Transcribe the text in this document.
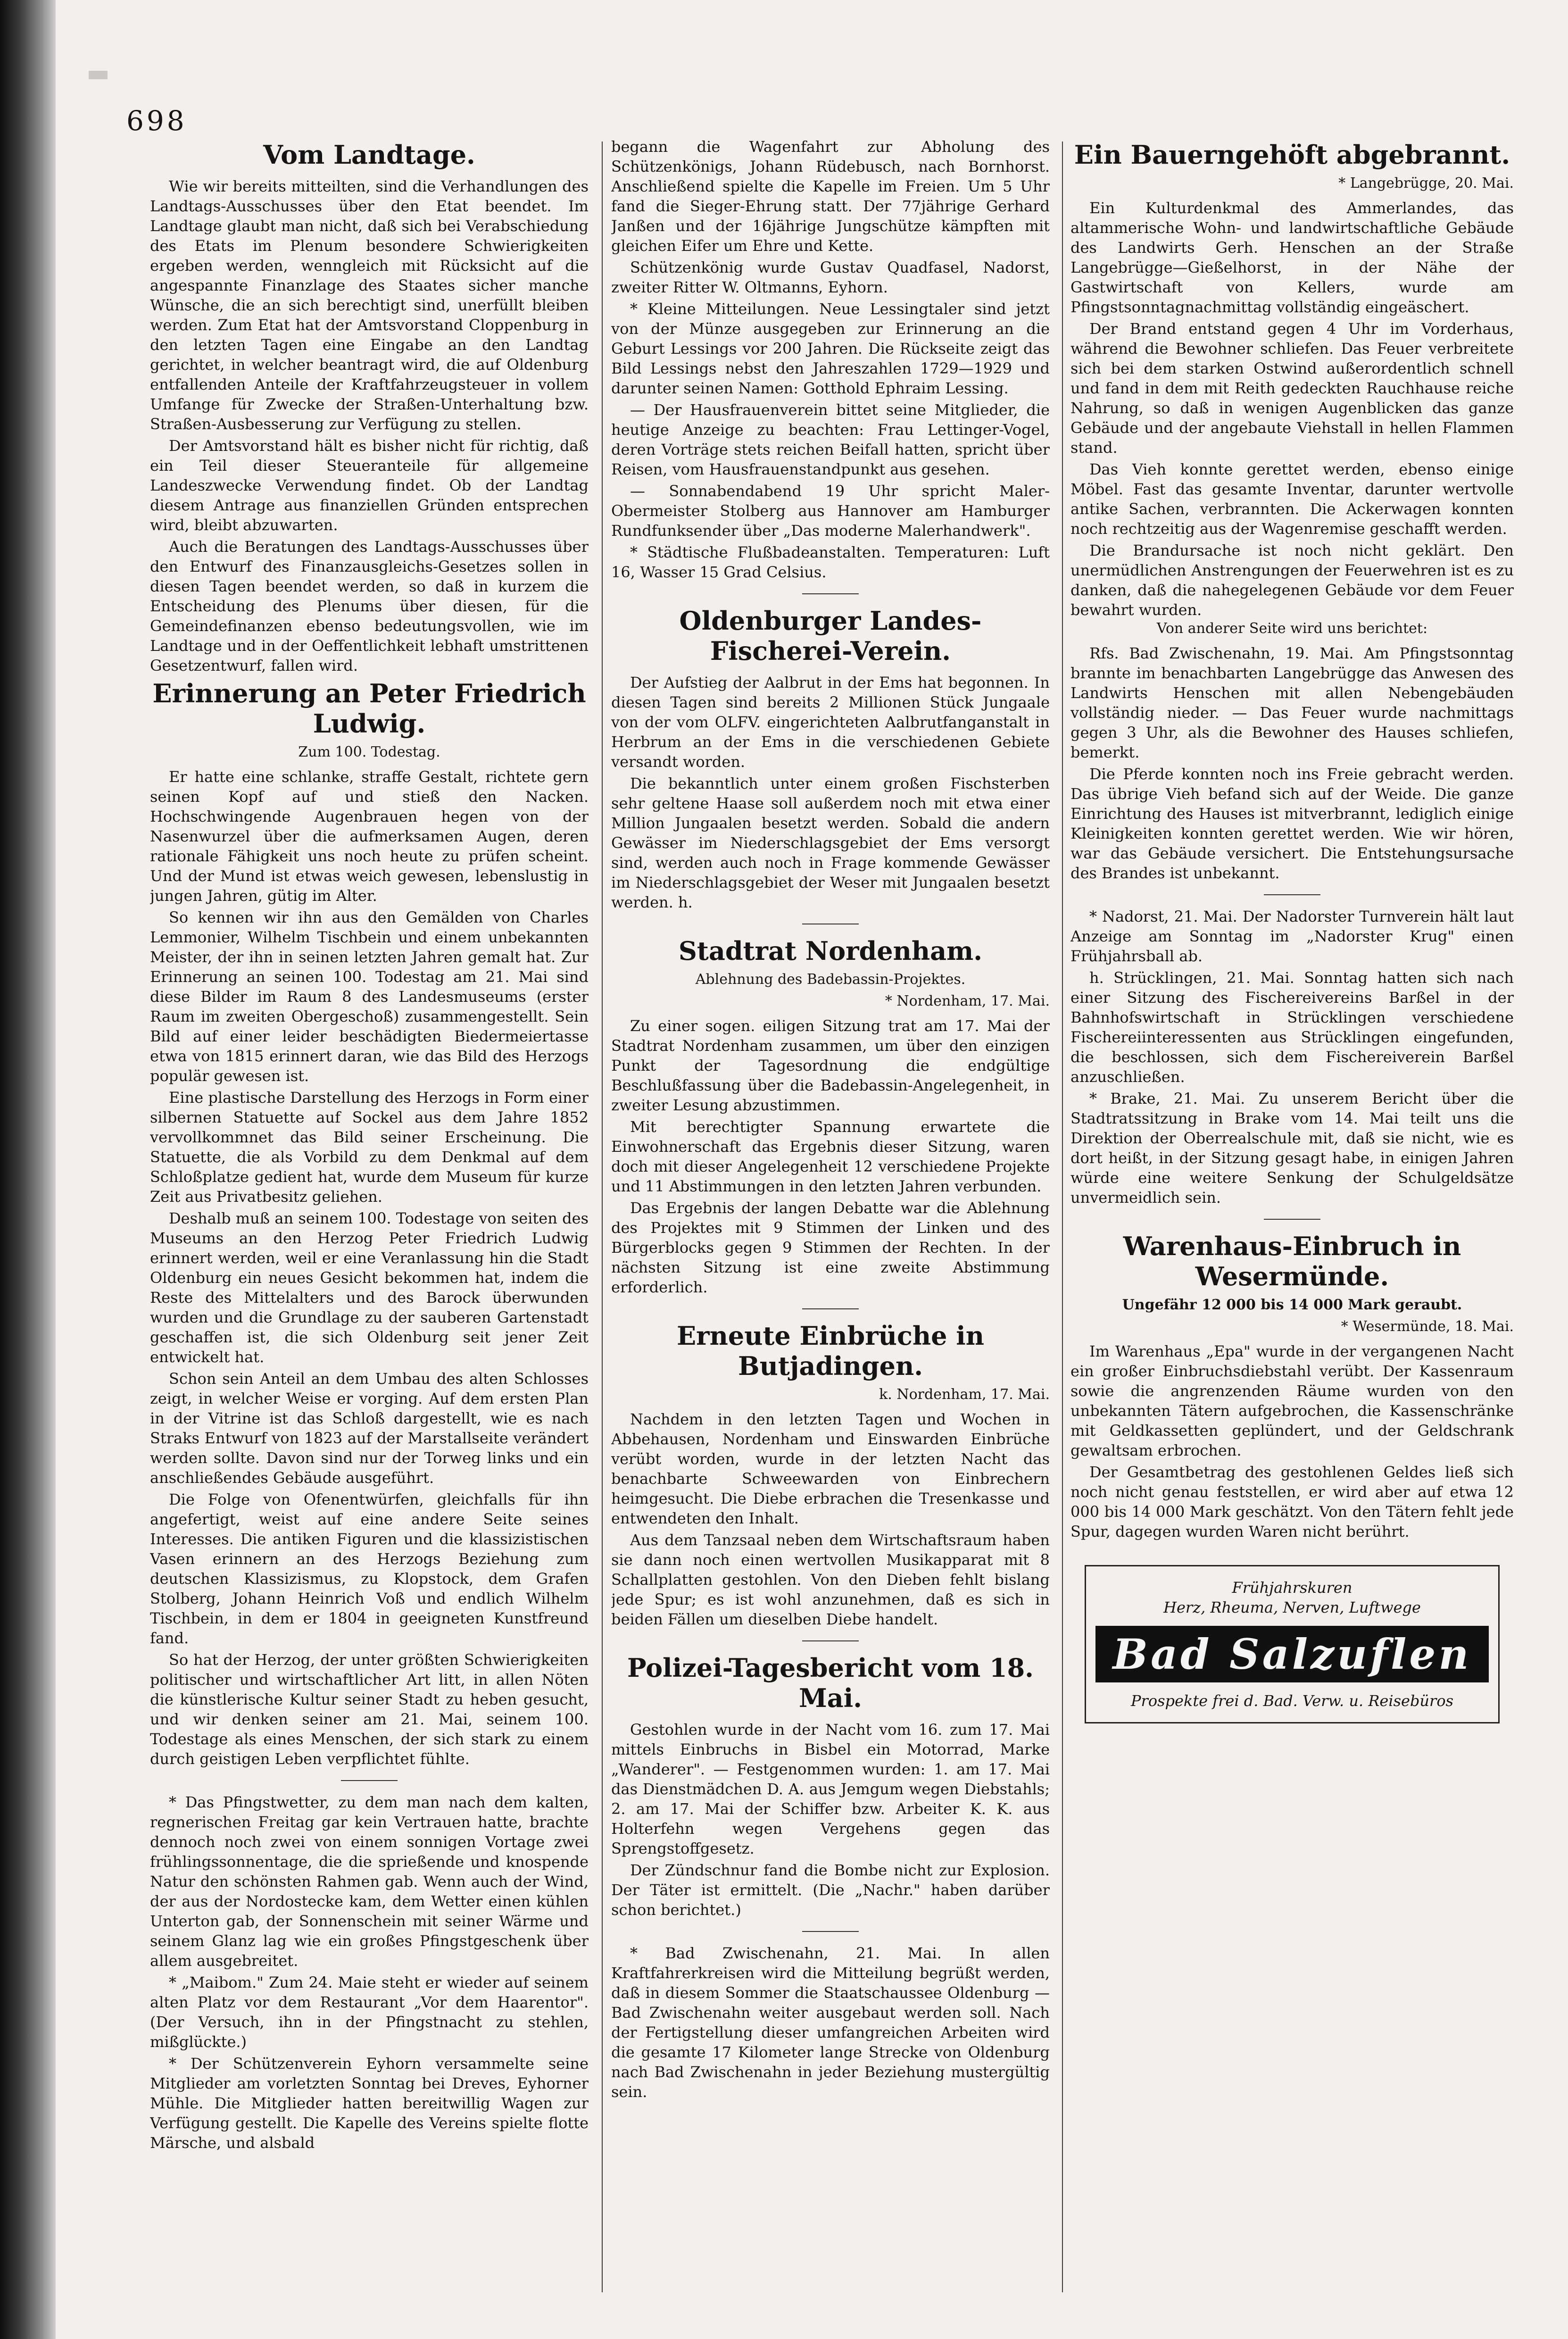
698
Vom Landtage.

Wie wir bereits mitteilten, sind die Verhandlungen des Landtags-Ausschusses über den Etat beendet. Im Landtage glaubt man nicht, daß sich bei Verabschiedung des Etats im Plenum besondere Schwierigkeiten ergeben werden, wenngleich mit Rücksicht auf die angespannte Finanzlage des Staates sicher manche Wünsche, die an sich berechtigt sind, unerfüllt bleiben werden. Zum Etat hat der Amtsvorstand Cloppenburg in den letzten Tagen eine Eingabe an den Landtag gerichtet, in welcher beantragt wird, die auf Oldenburg entfallenden Anteile der Kraftfahrzeugsteuer in vollem Umfange für Zwecke der Straßen-Unterhaltung bzw. Straßen-Ausbesserung zur Verfügung zu stellen.

Der Amtsvorstand hält es bisher nicht für richtig, daß ein Teil dieser Steueranteile für allgemeine Landeszwecke Verwendung findet. Ob der Landtag diesem Antrage aus finanziellen Gründen entsprechen wird, bleibt abzuwarten.

Auch die Beratungen des Landtags-Ausschusses über den Entwurf des Finanzausgleichs-Gesetzes sollen in diesen Tagen beendet werden, so daß in kurzem die Entscheidung des Plenums über diesen, für die Gemeindefinanzen ebenso bedeutungsvollen, wie im Landtage und in der Oeffentlichkeit lebhaft umstrittenen Gesetzentwurf, fallen wird.

Erinnerung an Peter Friedrich Ludwig.
Zum 100. Todestag.

Er hatte eine schlanke, straffe Gestalt, richtete gern seinen Kopf auf und stieß den Nacken. Hochschwingende Augenbrauen hegen von der Nasenwurzel über die aufmerksamen Augen, deren rationale Fähigkeit uns noch heute zu prüfen scheint. Und der Mund ist etwas weich gewesen, lebenslustig in jungen Jahren, gütig im Alter.

So kennen wir ihn aus den Gemälden von Charles Lemmonier, Wilhelm Tischbein und einem unbekannten Meister, der ihn in seinen letzten Jahren gemalt hat. Zur Erinnerung an seinen 100. Todestag am 21. Mai sind diese Bilder im Raum 8 des Landesmuseums (erster Raum im zweiten Obergeschoß) zusammengestellt. Sein Bild auf einer leider beschädigten Biedermeiertasse etwa von 1815 erinnert daran, wie das Bild des Herzogs populär gewesen ist.

Eine plastische Darstellung des Herzogs in Form einer silbernen Statuette auf Sockel aus dem Jahre 1852 vervollkommnet das Bild seiner Erscheinung. Die Statuette, die als Vorbild zu dem Denkmal auf dem Schloßplatze gedient hat, wurde dem Museum für kurze Zeit aus Privatbesitz geliehen.

Deshalb muß an seinem 100. Todestage von seiten des Museums an den Herzog Peter Friedrich Ludwig erinnert werden, weil er eine Veranlassung hin die Stadt Oldenburg ein neues Gesicht bekommen hat, indem die Reste des Mittelalters und des Barock überwunden wurden und die Grundlage zu der sauberen Gartenstadt geschaffen ist, die sich Oldenburg seit jener Zeit entwickelt hat.

Schon sein Anteil an dem Umbau des alten Schlosses zeigt, in welcher Weise er vorging. Auf dem ersten Plan in der Vitrine ist das Schloß dargestellt, wie es nach Straks Entwurf von 1823 auf der Marstallseite verändert werden sollte. Davon sind nur der Torweg links und ein anschließendes Gebäude ausgeführt.

Die Folge von Ofenentwürfen, gleichfalls für ihn angefertigt, weist auf eine andere Seite seines Interesses. Die antiken Figuren und die klassizistischen Vasen erinnern an des Herzogs Beziehung zum deutschen Klassizismus, zu Klopstock, dem Grafen Stolberg, Johann Heinrich Voß und endlich Wilhelm Tischbein, in dem er 1804 in geeigneten Kunstfreund fand.

So hat der Herzog, der unter größten Schwierigkeiten politischer und wirtschaftlicher Art litt, in allen Nöten die künstlerische Kultur seiner Stadt zu heben gesucht, und wir denken seiner am 21. Mai, seinem 100. Todestage als eines Menschen, der sich stark zu einem durch geistigen Leben verpflichtet fühlte.

* Das Pfingstwetter, zu dem man nach dem kalten, regnerischen Freitag gar kein Vertrauen hatte, brachte dennoch noch zwei von einem sonnigen Vortage zwei frühlingssonnentage, die die sprießende und knospende Natur den schönsten Rahmen gab. Wenn auch der Wind, der aus der Nordostecke kam, dem Wetter einen kühlen Unterton gab, der Sonnenschein mit seiner Wärme und seinem Glanz lag wie ein großes Pfingstgeschenk über allem ausgebreitet.

* „Maibom." Zum 24. Maie steht er wieder auf seinem alten Platz vor dem Restaurant „Vor dem Haarentor". (Der Versuch, ihn in der Pfingstnacht zu stehlen, mißglückte.)

* Der Schützenverein Eyhorn versammelte seine Mitglieder am vorletzten Sonntag bei Dreves, Eyhorner Mühle. Die Mitglieder hatten bereitwillig Wagen zur Verfügung gestellt. Die Kapelle des Vereins spielte flotte Märsche, und alsbald

begann die Wagenfahrt zur Abholung des Schützenkönigs, Johann Rüdebusch, nach Bornhorst. Anschließend spielte die Kapelle im Freien. Um 5 Uhr fand die Sieger-Ehrung statt. Der 77jährige Gerhard Janßen und der 16jährige Jungschütze kämpften mit gleichen Eifer um Ehre und Kette.

Schützenkönig wurde Gustav Quadfasel, Nadorst, zweiter Ritter W. Oltmanns, Eyhorn.

* Kleine Mitteilungen. Neue Lessingtaler sind jetzt von der Münze ausgegeben zur Erinnerung an die Geburt Lessings vor 200 Jahren. Die Rückseite zeigt das Bild Lessings nebst den Jahreszahlen 1729—1929 und darunter seinen Namen: Gotthold Ephraim Lessing.

— Der Hausfrauenverein bittet seine Mitglieder, die heutige Anzeige zu beachten: Frau Lettinger-Vogel, deren Vorträge stets reichen Beifall hatten, spricht über Reisen, vom Hausfrauenstandpunkt aus gesehen.

— Sonnabendabend 19 Uhr spricht Maler-Obermeister Stolberg aus Hannover am Hamburger Rundfunksender über „Das moderne Malerhandwerk".

* Städtische Flußbadeanstalten. Temperaturen: Luft 16, Wasser 15 Grad Celsius.

Oldenburger Landes-Fischerei-Verein.

Der Aufstieg der Aalbrut in der Ems hat begonnen. In diesen Tagen sind bereits 2 Millionen Stück Jungaale von der vom OLFV. eingerichteten Aalbrutfanganstalt in Herbrum an der Ems in die verschiedenen Gebiete versandt worden.

Die bekanntlich unter einem großen Fischsterben sehr geltene Haase soll außerdem noch mit etwa einer Million Jungaalen besetzt werden. Sobald die andern Gewässer im Niederschlagsgebiet der Ems versorgt sind, werden auch noch in Frage kommende Gewässer im Niederschlagsgebiet der Weser mit Jungaalen besetzt werden. h.

Stadtrat Nordenham.
Ablehnung des Badebassin-Projektes.
* Nordenham, 17. Mai.

Zu einer sogen. eiligen Sitzung trat am 17. Mai der Stadtrat Nordenham zusammen, um über den einzigen Punkt der Tagesordnung die endgültige Beschlußfassung über die Badebassin-Angelegenheit, in zweiter Lesung abzustimmen.

Mit berechtigter Spannung erwartete die Einwohnerschaft das Ergebnis dieser Sitzung, waren doch mit dieser Angelegenheit 12 verschiedene Projekte und 11 Abstimmungen in den letzten Jahren verbunden.

Das Ergebnis der langen Debatte war die Ablehnung des Projektes mit 9 Stimmen der Linken und des Bürgerblocks gegen 9 Stimmen der Rechten. In der nächsten Sitzung ist eine zweite Abstimmung erforderlich.

Erneute Einbrüche in Butjadingen.
k. Nordenham, 17. Mai.

Nachdem in den letzten Tagen und Wochen in Abbehausen, Nordenham und Einswarden Einbrüche verübt worden, wurde in der letzten Nacht das benachbarte Schweewarden von Einbrechern heimgesucht. Die Diebe erbrachen die Tresenkasse und entwendeten den Inhalt.

Aus dem Tanzsaal neben dem Wirtschaftsraum haben sie dann noch einen wertvollen Musikapparat mit 8 Schallplatten gestohlen. Von den Dieben fehlt bislang jede Spur; es ist wohl anzunehmen, daß es sich in beiden Fällen um dieselben Diebe handelt.

Polizei-Tagesbericht vom 18. Mai.

Gestohlen wurde in der Nacht vom 16. zum 17. Mai mittels Einbruchs in Bisbel ein Motorrad, Marke „Wanderer". — Festgenommen wurden: 1. am 17. Mai das Dienstmädchen D. A. aus Jemgum wegen Diebstahls; 2. am 17. Mai der Schiffer bzw. Arbeiter K. K. aus Holterfehn wegen Vergehens gegen das Sprengstoffgesetz.

Der Zündschnur fand die Bombe nicht zur Explosion. Der Täter ist ermittelt. (Die „Nachr." haben darüber schon berichtet.)

* Bad Zwischenahn, 21. Mai. In allen Kraftfahrerkreisen wird die Mitteilung begrüßt werden, daß in diesem Sommer die Staatschaussee Oldenburg — Bad Zwischenahn weiter ausgebaut werden soll. Nach der Fertigstellung dieser umfangreichen Arbeiten wird die gesamte 17 Kilometer lange Strecke von Oldenburg nach Bad Zwischenahn in jeder Beziehung mustergültig sein.

Ein Bauerngehöft abgebrannt.
* Langebrügge, 20. Mai.

Ein Kulturdenkmal des Ammerlandes, das altammerische Wohn- und landwirtschaftliche Gebäude des Landwirts Gerh. Henschen an der Straße Langebrügge—Gießelhorst, in der Nähe der Gastwirtschaft von Kellers, wurde am Pfingstsonntagnachmittag vollständig eingeäschert.

Der Brand entstand gegen 4 Uhr im Vorderhaus, während die Bewohner schliefen. Das Feuer verbreitete sich bei dem starken Ostwind außerordentlich schnell und fand in dem mit Reith gedeckten Rauchhause reiche Nahrung, so daß in wenigen Augenblicken das ganze Gebäude und der angebaute Viehstall in hellen Flammen stand.

Das Vieh konnte gerettet werden, ebenso einige Möbel. Fast das gesamte Inventar, darunter wertvolle antike Sachen, verbrannten. Die Ackerwagen konnten noch rechtzeitig aus der Wagenremise geschafft werden.

Die Brandursache ist noch nicht geklärt. Den unermüdlichen Anstrengungen der Feuerwehren ist es zu danken, daß die nahegelegenen Gebäude vor dem Feuer bewahrt wurden.

Von anderer Seite wird uns berichtet:

Rfs. Bad Zwischenahn, 19. Mai. Am Pfingstsonntag brannte im benachbarten Langebrügge das Anwesen des Landwirts Henschen mit allen Nebengebäuden vollständig nieder. — Das Feuer wurde nachmittags gegen 3 Uhr, als die Bewohner des Hauses schliefen, bemerkt.

Die Pferde konnten noch ins Freie gebracht werden. Das übrige Vieh befand sich auf der Weide. Die ganze Einrichtung des Hauses ist mitverbrannt, lediglich einige Kleinigkeiten konnten gerettet werden. Wie wir hören, war das Gebäude versichert. Die Entstehungsursache des Brandes ist unbekannt.

* Nadorst, 21. Mai. Der Nadorster Turnverein hält laut Anzeige am Sonntag im „Nadorster Krug" einen Frühjahrsball ab.

h. Strücklingen, 21. Mai. Sonntag hatten sich nach einer Sitzung des Fischereivereins Barßel in der Bahnhofswirtschaft in Strücklingen verschiedene Fischereiinteressenten aus Strücklingen eingefunden, die beschlossen, sich dem Fischereiverein Barßel anzuschließen.

* Brake, 21. Mai. Zu unserem Bericht über die Stadtratssitzung in Brake vom 14. Mai teilt uns die Direktion der Oberrealschule mit, daß sie nicht, wie es dort heißt, in der Sitzung gesagt habe, in einigen Jahren würde eine weitere Senkung der Schulgeldsätze unvermeidlich sein.

Warenhaus-Einbruch in Wesermünde.
Ungefähr 12 000 bis 14 000 Mark geraubt.
* Wesermünde, 18. Mai.

Im Warenhaus „Epa" wurde in der vergangenen Nacht ein großer Einbruchsdiebstahl verübt. Der Kassenraum sowie die angrenzenden Räume wurden von den unbekannten Tätern aufgebrochen, die Kassenschränke mit Geldkassetten geplündert, und der Geldschrank gewaltsam erbrochen.

Der Gesamtbetrag des gestohlenen Geldes ließ sich noch nicht genau feststellen, er wird aber auf etwa 12 000 bis 14 000 Mark geschätzt. Von den Tätern fehlt jede Spur, dagegen wurden Waren nicht berührt.

Frühjahrskuren
Herz, Rheuma, Nerven, Luftwege
Bad Salzuflen
Prospekte frei d. Bad. Verw. u. Reisebüros
